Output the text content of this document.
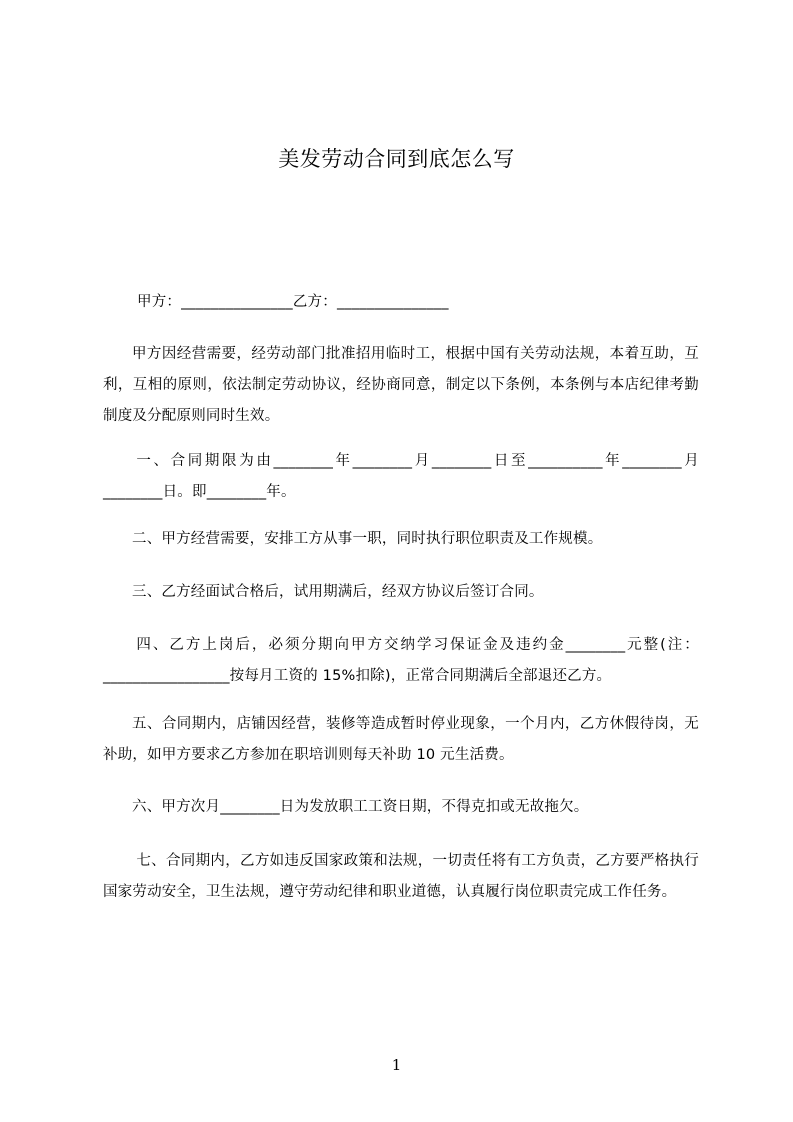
美发劳动合同到底怎么写
甲方：_______________乙方：_______________
甲方因经营需要，经劳动部门批准招用临时工，根据中国有关劳动法规，本着互助，互利，互相的原则，依法制定劳动协议，经协商同意，制定以下条例，本条例与本店纪律考勤制度及分配原则同时生效。
一、合同期限为由________年________月________日至__________年________月________日。即________年。
二、甲方经营需要，安排工方从事一职，同时执行职位职责及工作规模。
三、乙方经面试合格后，试用期满后，经双方协议后签订合同。
四、乙方上岗后，必须分期向甲方交纳学习保证金及违约金________元整(注：_________________按每月工资的 15%扣除)，正常合同期满后全部退还乙方。
五、合同期内，店铺因经营，装修等造成暂时停业现象，一个月内，乙方休假待岗，无补助，如甲方要求乙方参加在职培训则每天补助 10 元生活费。
六、甲方次月________日为发放职工工资日期，不得克扣或无故拖欠。
七、合同期内，乙方如违反国家政策和法规，一切责任将有工方负责，乙方要严格执行国家劳动安全，卫生法规，遵守劳动纪律和职业道德，认真履行岗位职责完成工作任务。
1
